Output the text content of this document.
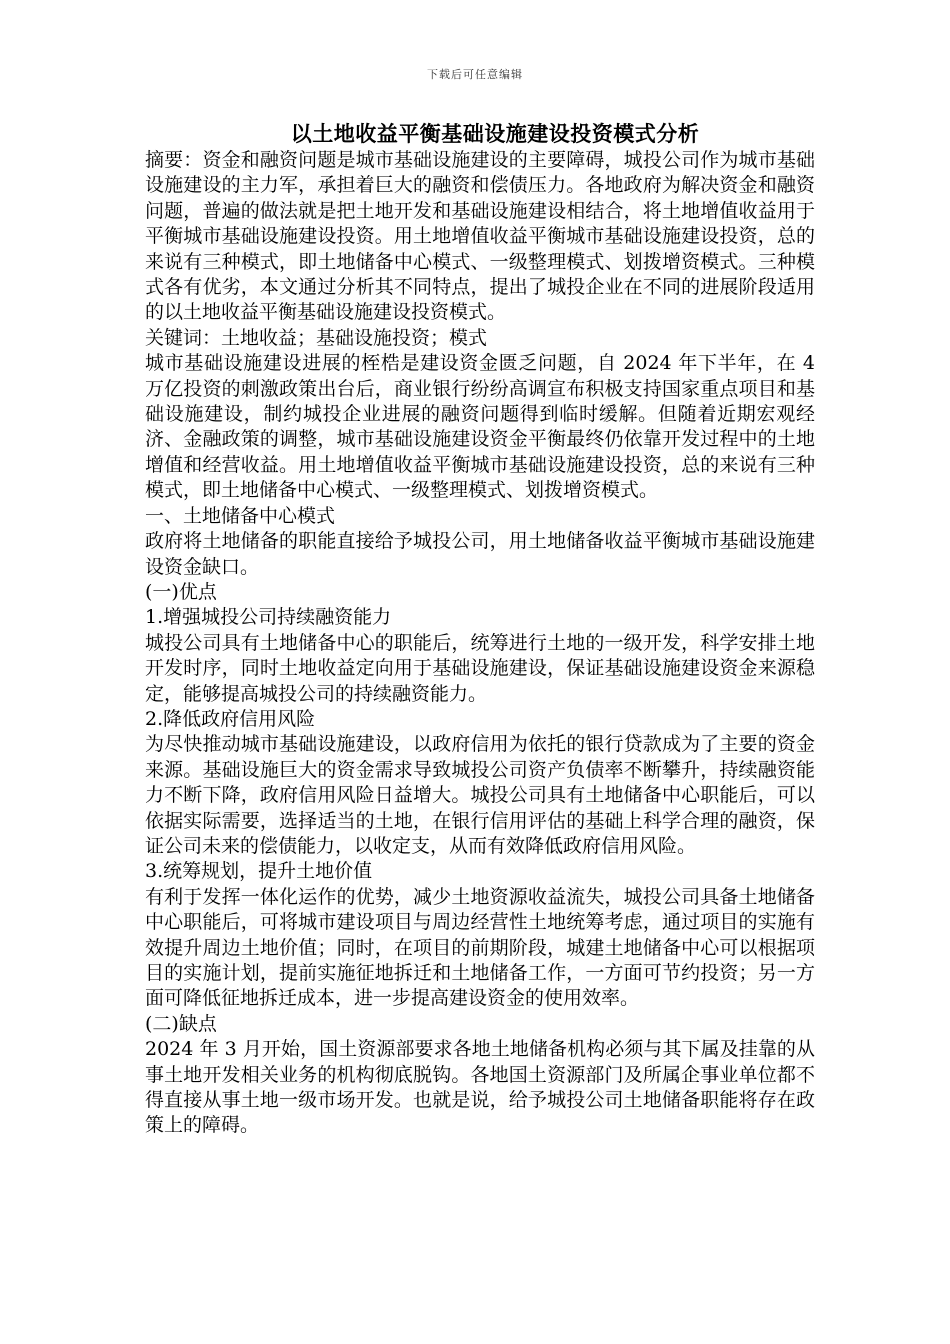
下载后可任意编辑
以土地收益平衡基础设施建设投资模式分析

摘要：资金和融资问题是城市基础设施建设的主要障碍，城投公司作为城市基础设施建设的主力军，承担着巨大的融资和偿债压力。各地政府为解决资金和融资问题，普遍的做法就是把土地开发和基础设施建设相结合，将土地增值收益用于平衡城市基础设施建设投资。用土地增值收益平衡城市基础设施建设投资，总的来说有三种模式，即土地储备中心模式、一级整理模式、划拨增资模式。三种模式各有优劣，本文通过分析其不同特点，提出了城投企业在不同的进展阶段适用的以土地收益平衡基础设施建设投资模式。

关键词：土地收益；基础设施投资；模式

城市基础设施建设进展的桎梏是建设资金匮乏问题，自 2024 年下半年，在 4 万亿投资的刺激政策出台后，商业银行纷纷高调宣布积极支持国家重点项目和基础设施建设，制约城投企业进展的融资问题得到临时缓解。但随着近期宏观经济、金融政策的调整，城市基础设施建设资金平衡最终仍依靠开发过程中的土地增值和经营收益。用土地增值收益平衡城市基础设施建设投资，总的来说有三种模式，即土地储备中心模式、一级整理模式、划拨增资模式。

一、土地储备中心模式

政府将土地储备的职能直接给予城投公司，用土地储备收益平衡城市基础设施建设资金缺口。

(一)优点

1.增强城投公司持续融资能力

城投公司具有土地储备中心的职能后，统筹进行土地的一级开发，科学安排土地开发时序，同时土地收益定向用于基础设施建设，保证基础设施建设资金来源稳定，能够提高城投公司的持续融资能力。

2.降低政府信用风险

为尽快推动城市基础设施建设，以政府信用为依托的银行贷款成为了主要的资金来源。基础设施巨大的资金需求导致城投公司资产负债率不断攀升，持续融资能力不断下降，政府信用风险日益增大。城投公司具有土地储备中心职能后，可以依据实际需要，选择适当的土地，在银行信用评估的基础上科学合理的融资，保证公司未来的偿债能力，以收定支，从而有效降低政府信用风险。

3.统筹规划，提升土地价值

有利于发挥一体化运作的优势，减少土地资源收益流失，城投公司具备土地储备中心职能后，可将城市建设项目与周边经营性土地统筹考虑，通过项目的实施有效提升周边土地价值；同时，在项目的前期阶段，城建土地储备中心可以根据项目的实施计划，提前实施征地拆迁和土地储备工作，一方面可节约投资；另一方面可降低征地拆迁成本，进一步提高建设资金的使用效率。

(二)缺点

2024 年 3 月开始，国土资源部要求各地土地储备机构必须与其下属及挂靠的从事土地开发相关业务的机构彻底脱钩。各地国土资源部门及所属企事业单位都不得直接从事土地一级市场开发。也就是说，给予城投公司土地储备职能将存在政策上的障碍。
